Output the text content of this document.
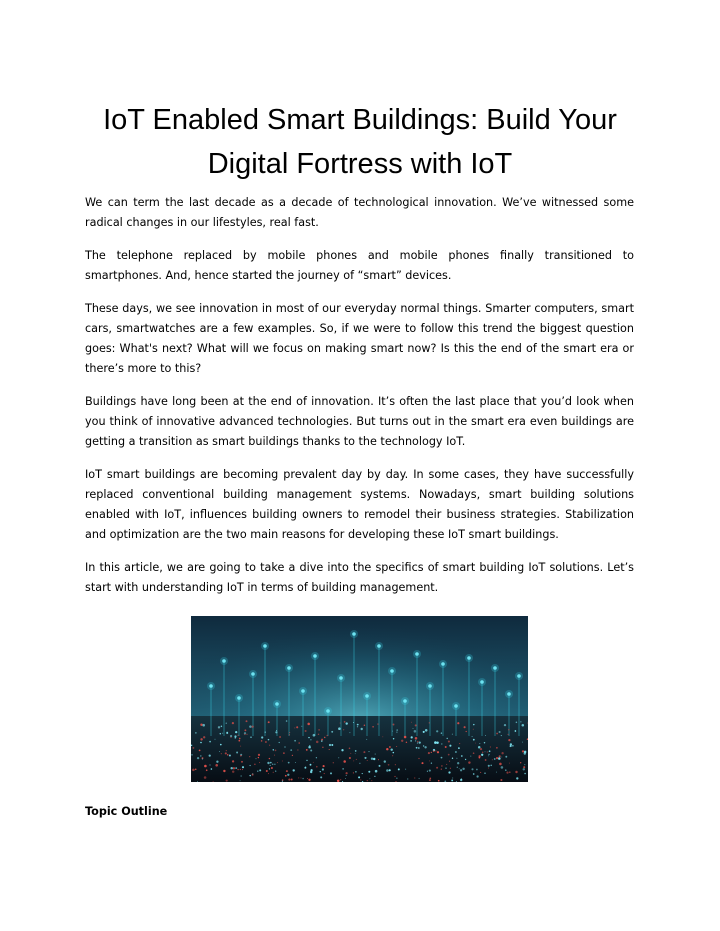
IoT Enabled Smart Buildings: Build Your
Digital Fortress with IoT

We can term the last decade as a decade of technological innovation. We’ve witnessed some radical changes in our lifestyles, real fast.

The telephone replaced by mobile phones and mobile phones finally transitioned to smartphones. And, hence started the journey of “smart” devices.

These days, we see innovation in most of our everyday normal things. Smarter computers, smart cars, smartwatches are a few examples. So, if we were to follow this trend the biggest question goes: What's next? What will we focus on making smart now? Is this the end of the smart era or there’s more to this?

Buildings have long been at the end of innovation. It’s often the last place that you’d look when you think of innovative advanced technologies. But turns out in the smart era even buildings are getting a transition as smart buildings thanks to the technology IoT.

IoT smart buildings are becoming prevalent day by day. In some cases, they have successfully replaced conventional building management systems. Nowadays, smart building solutions enabled with IoT, influences building owners to remodel their business strategies. Stabilization and optimization are the two main reasons for developing these IoT smart buildings.

In this article, we are going to take a dive into the specifics of smart building IoT solutions. Let’s start with understanding IoT in terms of building management.

Topic Outline
